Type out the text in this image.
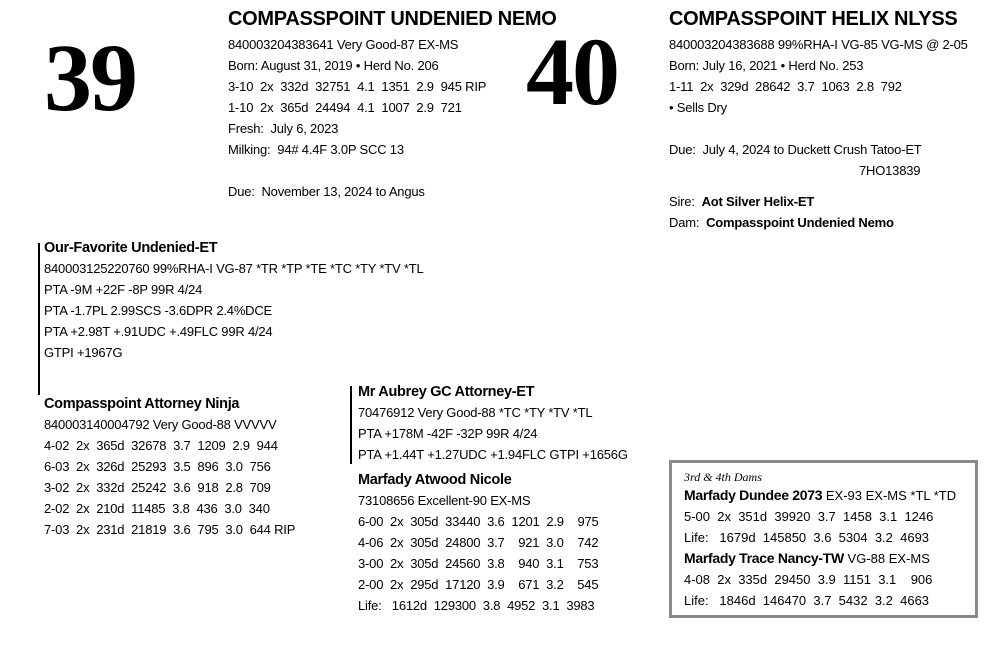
39
COMPASSPOINT UNDENIED NEMO
840003204383641 Very Good-87 EX-MS
Born: August 31, 2019 • Herd No. 206
3-10  2x  332d  32751  4.1  1351  2.9  945 RIP
1-10  2x  365d  24494  4.1  1007  2.9  721
Fresh:  July 6, 2023
Milking:  94# 4.4F 3.0P SCC 13
Due:  November 13, 2024 to Angus
40	COMPASSPOINT HELIX NLYSS
840003204383688 99%RHA-I VG-85 VG-MS @ 2-05
Born: July 16, 2021 • Herd No. 253
1-11  2x  329d  28642  3.7  1063  2.8  792
• Sells Dry
Due:  July 4, 2024 to Duckett Crush Tatoo-ET
7HO13839
Sire: Aot Silver Helix-ET
Dam: Compasspoint Undenied Nemo
Our-Favorite Undenied-ET
840003125220760 99%RHA-I VG-87 *TR *TP *TE *TC *TY *TV *TL
PTA -9M +22F -8P 99R 4/24
PTA -1.7PL 2.99SCS -3.6DPR 2.4%DCE
PTA +2.98T +.91UDC +.49FLC 99R 4/24
GTPI +1967G
Compasspoint Attorney Ninja
840003140004792 Very Good-88 VVVVV
4-02  2x  365d  32678  3.7  1209  2.9  944
6-03  2x  326d  25293  3.5  896  3.0  756
3-02  2x  332d  25242  3.6  918  2.8  709
2-02  2x  210d  11485  3.8  436  3.0  340
7-03  2x  231d  21819  3.6  795  3.0  644 RIP
Mr Aubrey GC Attorney-ET
70476912 Very Good-88 *TC *TY *TV *TL
PTA +178M -42F -32P 99R 4/24
PTA +1.44T +1.27UDC +1.94FLC GTPI +1656G
Marfady Atwood Nicole
73108656 Excellent-90 EX-MS
6-00  2x  305d  33440  3.6  1201  2.9    975
4-06  2x  305d  24800  3.7    921  3.0    742
3-00  2x  305d  24560  3.8    940  3.1    753
2-00  2x  295d  17120  3.9    671  3.2    545
Life:   1612d  129300  3.8  4952  3.1  3983
3rd & 4th Dams
Marfady Dundee 2073 EX-93 EX-MS *TL *TD
5-00  2x  351d  39920  3.7  1458  3.1  1246
Life:   1679d  145850  3.6  5304  3.2  4693
Marfady Trace Nancy-TW VG-88 EX-MS
4-08  2x  335d  29450  3.9  1151  3.1    906
Life:   1846d  146470  3.7  5432  3.2  4663
